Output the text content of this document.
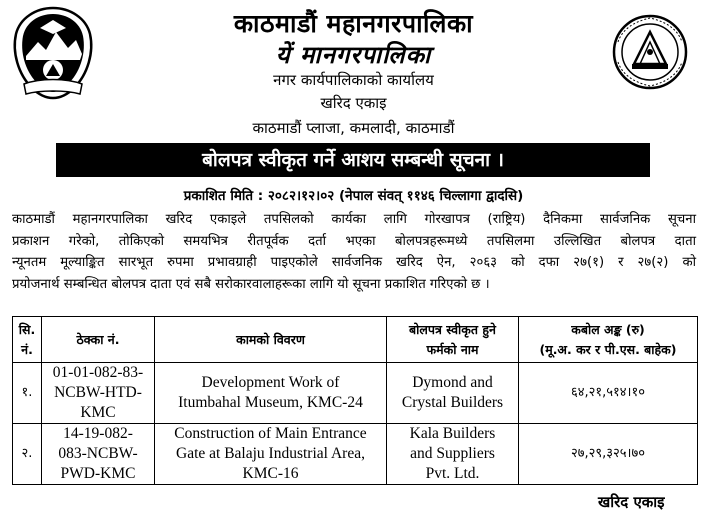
काठमाडौं महानगरपालिका
यें मानगरपालिका
नगर कार्यपालिकाको कार्यालय
खरिद एकाइ
काठमाडौं प्लाजा, कमलादी, काठमाडौं
बोलपत्र स्वीकृत गर्ने आशय सम्बन्धी सूचना ।
प्रकाशित मिति : २०८२।१२।०२ (नेपाल संवत् ११४६ चिल्लागा द्वादसि)

काठमाडौं महानगरपालिका खरिद एकाइले तपसिलको कार्यका लागि गोरखापत्र (राष्ट्रिय) दैनिकमा सार्वजनिक सूचना

प्रकाशन गरेको, तोकिएको समयभित्र रीतपूर्वक दर्ता भएका बोलपत्रहरूमध्ये तपसिलमा उल्लिखित बोलपत्र दाता

न्यूनतम मूल्याङ्कित सारभूत रुपमा प्रभावग्राही पाइएकोले सार्वजनिक खरिद ऐन, २०६३ को दफा २७(१) र २७(२) को

प्रयोजनार्थ सम्बन्धित बोलपत्र दाता एवं सबै सरोकारवालाहरूका लागि यो सूचना प्रकाशित गरिएको छ ।

सि.
नं.	ठेक्का नं.	कामको विवरण	बोलपत्र स्वीकृत हुने
फर्मको नाम	कबोल अङ्क (रु)
(मू.अ. कर र पी.एस. बाहेक)
१.	01-01-082-83-
NCBW-HTD-
KMC	Development Work of
Itumbahal Museum, KMC-24	Dymond and
Crystal Builders	६४,२१,५१४।१०
२.	14-19-082-
083-NCBW-
PWD-KMC	Construction of Main Entrance
Gate at Balaju Industrial Area,
KMC-16	Kala Builders
and Suppliers
Pvt. Ltd.	२७,२९,३२५।७०
खरिद एकाइ
